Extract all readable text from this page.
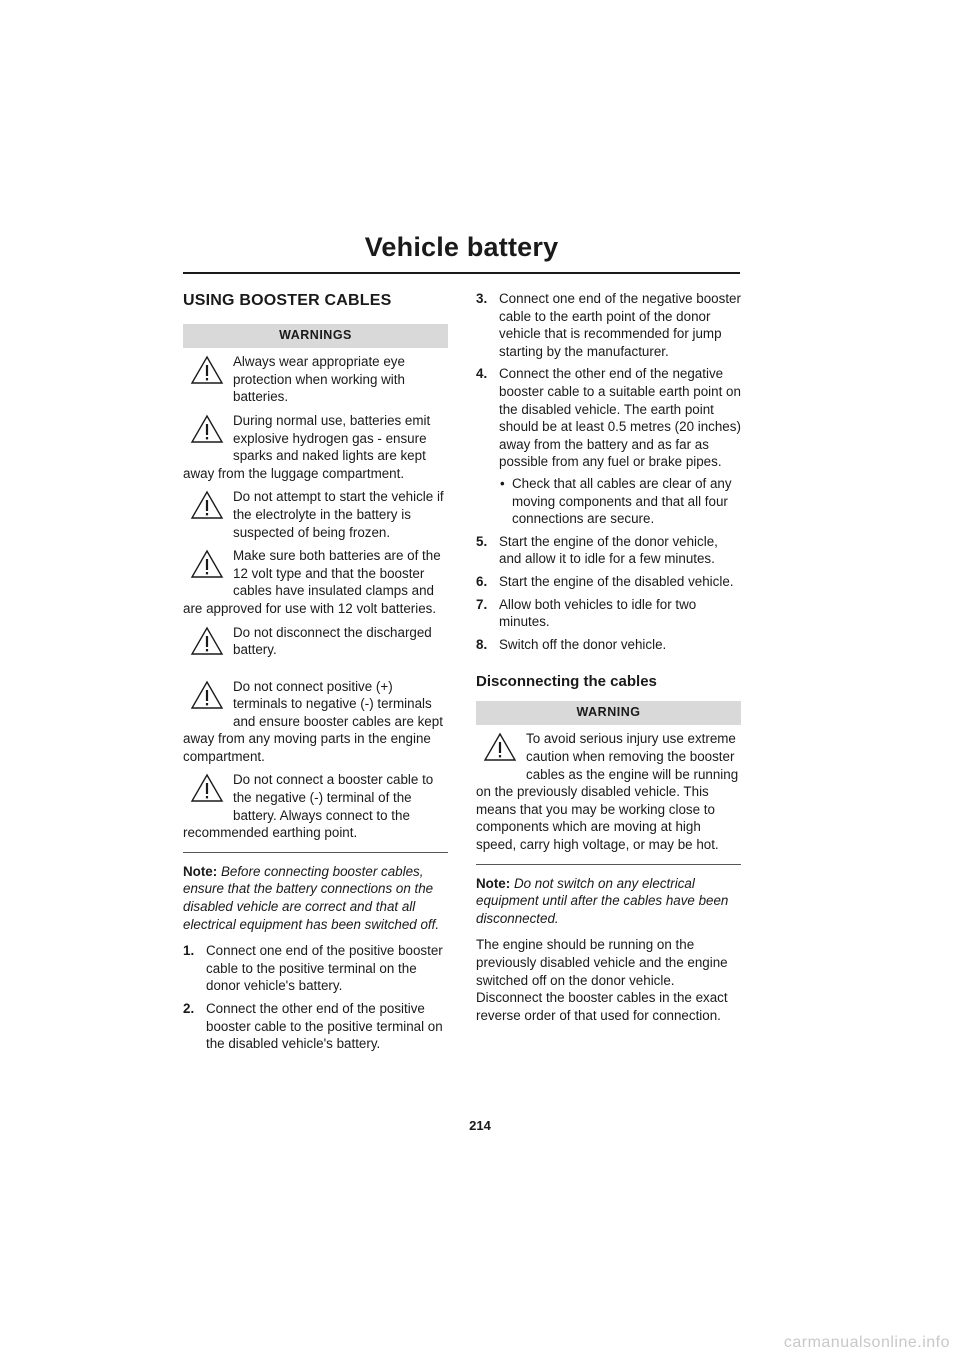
Vehicle battery
USING BOOSTER CABLES
WARNINGS

Always wear appropriate eye protection when working with batteries.

During normal use, batteries emit explosive hydrogen gas - ensure sparks and naked lights are kept away from the luggage compartment.

Do not attempt to start the vehicle if the electrolyte in the battery is suspected of being frozen.

Make sure both batteries are of the 12 volt type and that the booster cables have insulated clamps and are approved for use with 12 volt batteries.

Do not disconnect the discharged battery.

Do not connect positive (+) terminals to negative (-) terminals and ensure booster cables are kept away from any moving parts in the engine compartment.

Do not connect a booster cable to the negative (-) terminal of the battery. Always connect to the recommended earthing point.

Note: Before connecting booster cables, ensure that the battery connections on the disabled vehicle are correct and that all electrical equipment has been switched off.

1. Connect one end of the positive booster cable to the positive terminal on the donor vehicle's battery.
2. Connect the other end of the positive booster cable to the positive terminal on the disabled vehicle's battery.
3. Connect one end of the negative booster cable to the earth point of the donor vehicle that is recommended for jump starting by the manufacturer.
4. Connect the other end of the negative booster cable to a suitable earth point on the disabled vehicle. The earth point should be at least 0.5 metres (20 inches) away from the battery and as far as possible from any fuel or brake pipes.
• Check that all cables are clear of any moving components and that all four connections are secure.
5. Start the engine of the donor vehicle, and allow it to idle for a few minutes.
6. Start the engine of the disabled vehicle.
7. Allow both vehicles to idle for two minutes.
8. Switch off the donor vehicle.
Disconnecting the cables
WARNING

To avoid serious injury use extreme caution when removing the booster cables as the engine will be running on the previously disabled vehicle. This means that you may be working close to components which are moving at high speed, carry high voltage, or may be hot.

Note: Do not switch on any electrical equipment until after the cables have been disconnected.

The engine should be running on the previously disabled vehicle and the engine switched off on the donor vehicle. Disconnect the booster cables in the exact reverse order of that used for connection.

214
carmanualsonline.info
